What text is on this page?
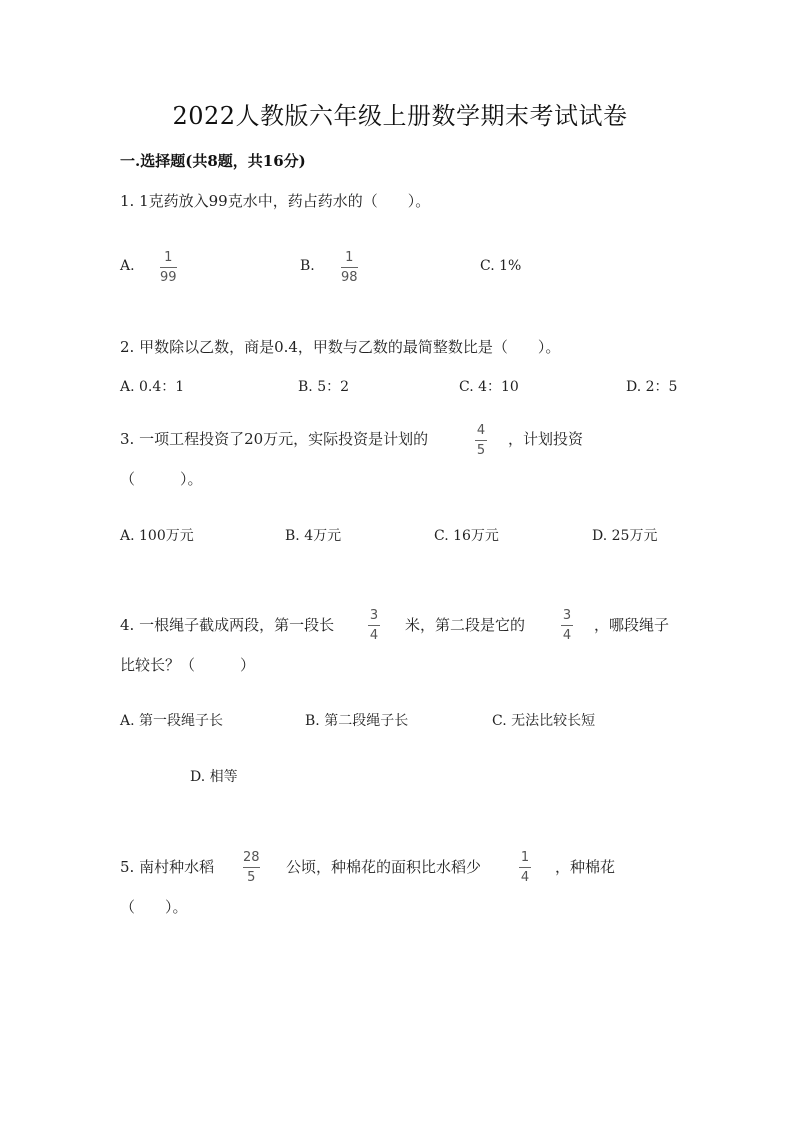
2022人教版六年级上册数学期末考试试卷
一.选择题(共8题，共16分)
1. 1克药放入99克水中，药占药水的（　　）。
A.
1
99
B.
1
98
C. 1%
2. 甲数除以乙数，商是0.4，甲数与乙数的最简整数比是（　　）。
A. 0.4：1	B. 5：2	C. 4：10	D. 2：5
3. 一项工程投资了20万元，实际投资是计划的	4
5
，计划投资
（　　　）。
A. 100万元	B. 4万元	C. 16万元	D. 25万元
4. 一根绳子截成两段，第一段长
3
4
米，第二段是它的
3
4
，哪段绳子
比较长？（　　　）
A. 第一段绳子长	B. 第二段绳子长	C. 无法比较长短
D. 相等
5. 南村种水稻
28
5
公顷，种棉花的面积比水稻少
1
4
，种棉花
（　　）。
